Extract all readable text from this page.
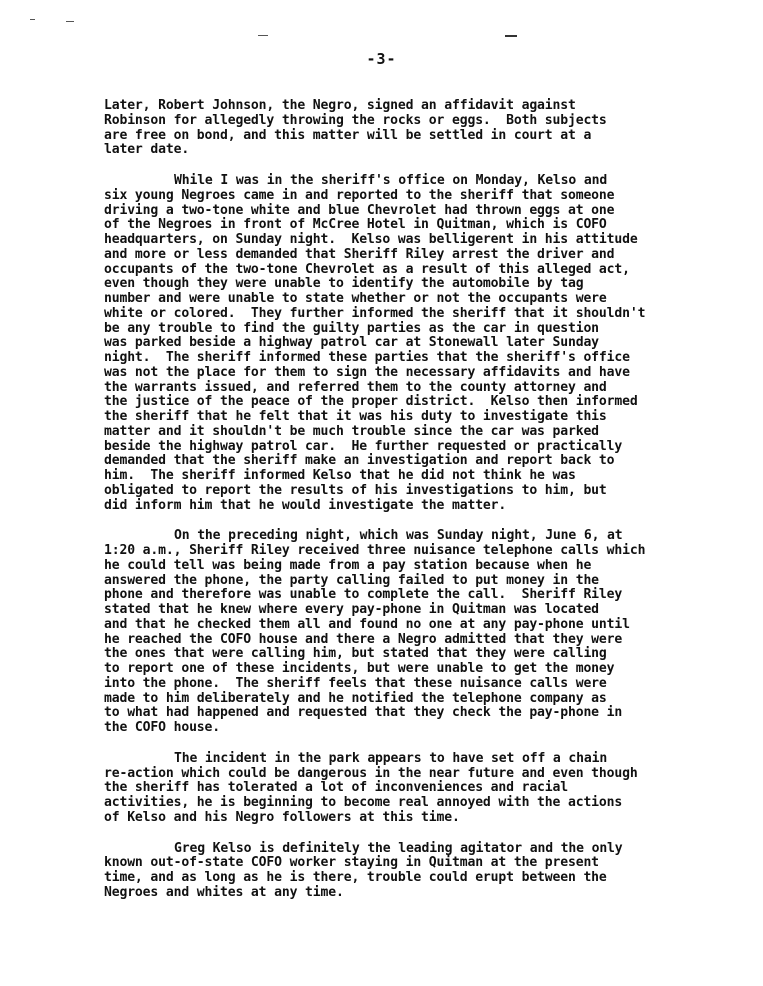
-3-
Later, Robert Johnson, the Negro, signed an affidavit against
Robinson for allegedly throwing the rocks or eggs.  Both subjects
are free on bond, and this matter will be settled in court at a
later date.
While I was in the sheriff's office on Monday, Kelso and
six young Negroes came in and reported to the sheriff that someone
driving a two-tone white and blue Chevrolet had thrown eggs at one
of the Negroes in front of McCree Hotel in Quitman, which is COFO
headquarters, on Sunday night.  Kelso was belligerent in his attitude
and more or less demanded that Sheriff Riley arrest the driver and
occupants of the two-tone Chevrolet as a result of this alleged act,
even though they were unable to identify the automobile by tag
number and were unable to state whether or not the occupants were
white or colored.  They further informed the sheriff that it shouldn't
be any trouble to find the guilty parties as the car in question
was parked beside a highway patrol car at Stonewall later Sunday
night.  The sheriff informed these parties that the sheriff's office
was not the place for them to sign the necessary affidavits and have
the warrants issued, and referred them to the county attorney and
the justice of the peace of the proper district.  Kelso then informed
the sheriff that he felt that it was his duty to investigate this
matter and it shouldn't be much trouble since the car was parked
beside the highway patrol car.  He further requested or practically
demanded that the sheriff make an investigation and report back to
him.  The sheriff informed Kelso that he did not think he was
obligated to report the results of his investigations to him, but
did inform him that he would investigate the matter.
On the preceding night, which was Sunday night, June 6, at
1:20 a.m., Sheriff Riley received three nuisance telephone calls which
he could tell was being made from a pay station because when he
answered the phone, the party calling failed to put money in the
phone and therefore was unable to complete the call.  Sheriff Riley
stated that he knew where every pay-phone in Quitman was located
and that he checked them all and found no one at any pay-phone until
he reached the COFO house and there a Negro admitted that they were
the ones that were calling him, but stated that they were calling
to report one of these incidents, but were unable to get the money
into the phone.  The sheriff feels that these nuisance calls were
made to him deliberately and he notified the telephone company as
to what had happened and requested that they check the pay-phone in
the COFO house.
The incident in the park appears to have set off a chain
re-action which could be dangerous in the near future and even though
the sheriff has tolerated a lot of inconveniences and racial
activities, he is beginning to become real annoyed with the actions
of Kelso and his Negro followers at this time.
Greg Kelso is definitely the leading agitator and the only
known out-of-state COFO worker staying in Quitman at the present
time, and as long as he is there, trouble could erupt between the
Negroes and whites at any time.
